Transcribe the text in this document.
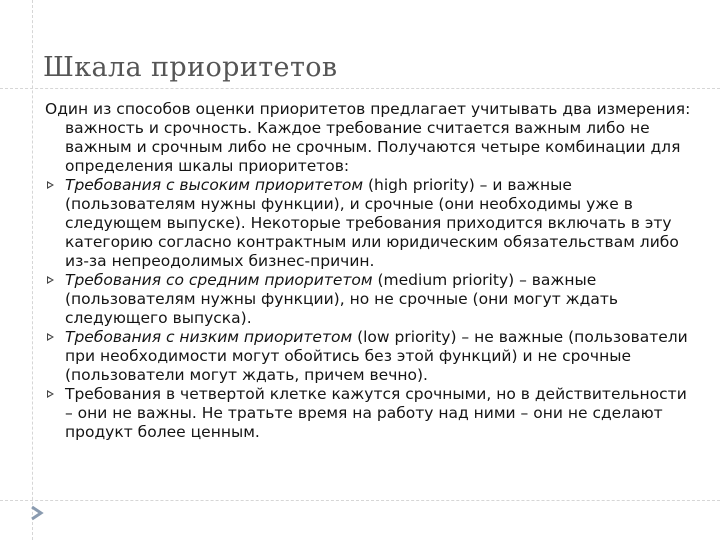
Шкала приоритетов

Один из способов оценки приоритетов предлагает учитывать два измерения: важность и срочность. Каждое требование считается важным либо не важным и срочным либо не срочным. Получаются четыре комбинации для определения шкалы приоритетов:

Требования с высоким приоритетом (high priority) – и важные (пользователям нужны функции), и срочные (они необходимы уже в следующем выпуске). Некоторые требования приходится включать в эту категорию согласно контрактным или юридическим обязательствам либо из-за непреодолимых бизнес-причин.
Требования со средним приоритетом (medium priority) – важные (пользователям нужны функции), но не срочные (они могут ждать следующего выпуска).
Требования с низким приоритетом (low priority) – не важные (пользователи при необходимости могут обойтись без этой функций) и не срочные (пользователи могут ждать, причем вечно).
Требования в четвертой клетке кажутся срочными, но в действительности – они не важны. Не тратьте время на работу над ними – они не сделают продукт более ценным.
